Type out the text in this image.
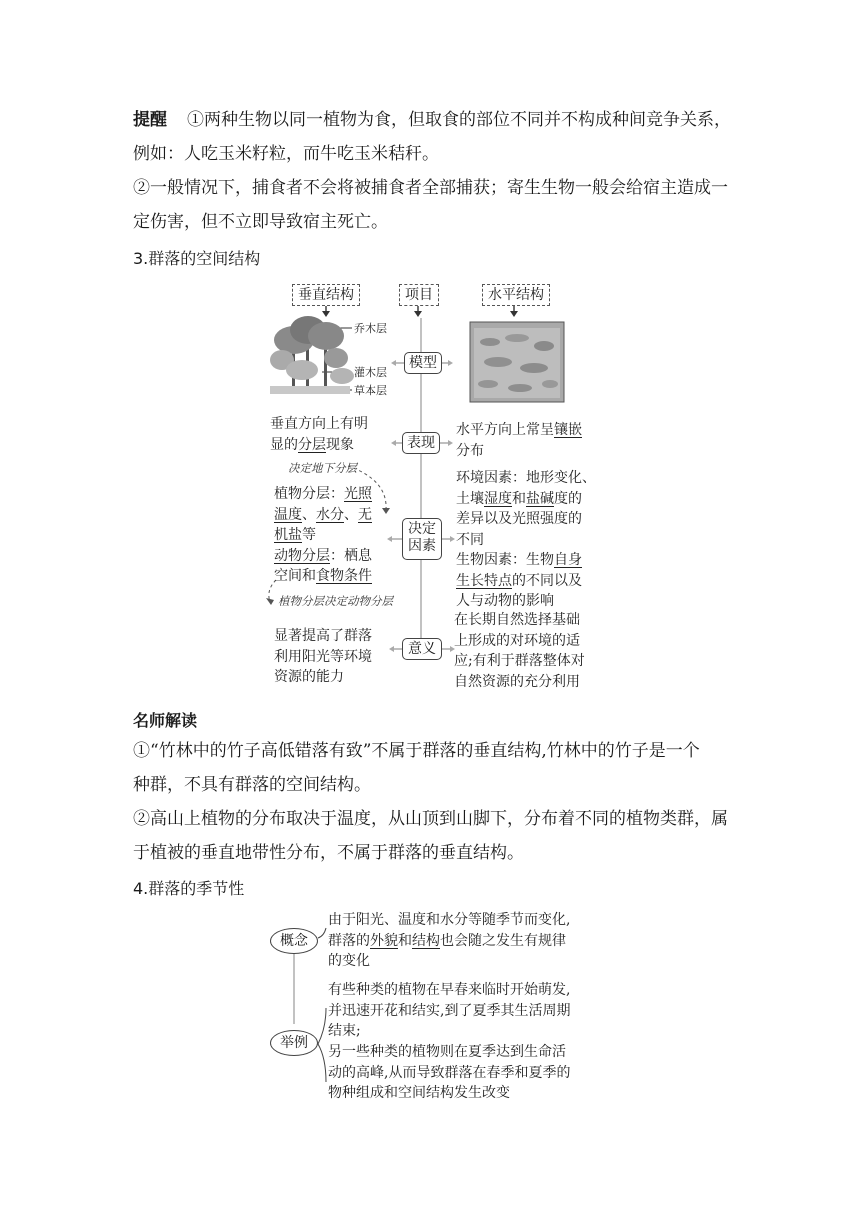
提醒 ①两种生物以同一植物为食，但取食的部位不同并不构成种间竞争关系，
例如：人吃玉米籽粒，而牛吃玉米秸秆。
②一般情况下，捕食者不会将被捕食者全部捕获；寄生生物一般会给宿主造成一
定伤害，但不立即导致宿主死亡。
3.群落的空间结构
垂直结构	项目	水平结构
乔木层
灌木层
草本层
模型
表现
决定
因素
意义
垂直方向上有明
显的分层现象
水平方向上常呈镶嵌
分布
决定地下分层
植物分层：光照
温度、水分、无
机盐等
动物分层：栖息
空间和食物条件
植物分层决定动物分层
环境因素：地形变化、
土壤湿度和盐碱度的
差异以及光照强度的
不同
生物因素：生物自身
生长特点的不同以及
人与动物的影响
显著提高了群落
利用阳光等环境
资源的能力
在长期自然选择基础
上形成的对环境的适
应;有利于群落整体对
自然资源的充分利用
名师解读
①“竹林中的竹子高低错落有致”不属于群落的垂直结构,竹林中的竹子是一个
种群，不具有群落的空间结构。
②高山上植物的分布取决于温度，从山顶到山脚下，分布着不同的植物类群，属
于植被的垂直地带性分布，不属于群落的垂直结构。
4.群落的季节性
概念
举例
由于阳光、温度和水分等随季节而变化,
群落的外貌和结构也会随之发生有规律
的变化
有些种类的植物在早春来临时开始萌发,
并迅速开花和结实,到了夏季其生活周期
结束;
另一些种类的植物则在夏季达到生命活
动的高峰,从而导致群落在春季和夏季的
物种组成和空间结构发生改变
